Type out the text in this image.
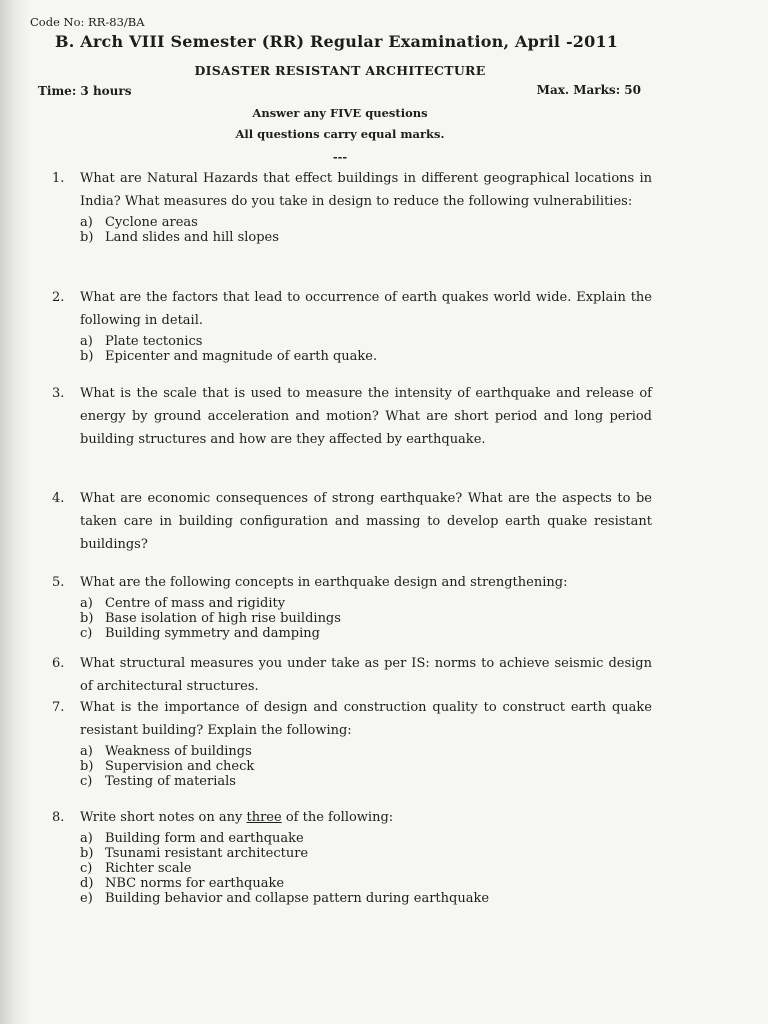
Code No: RR-83/BA
B. Arch VIII Semester (RR) Regular Examination, April -2011
DISASTER RESISTANT ARCHITECTURE
Time: 3 hours	Max. Marks: 50
Answer any FIVE questions
All questions carry equal marks.
---
1.	What are Natural Hazards that effect buildings in different geographical locations in India? What measures do you take in design to reduce the following vulnerabilities:
a) Cyclone areas
b) Land slides and hill slopes
2.	What are the factors that lead to occurrence of earth quakes world wide. Explain the following in detail.
a) Plate tectonics
b) Epicenter and magnitude of earth quake.
3.	What is the scale that is used to measure the intensity of earthquake and release of energy by ground acceleration and motion? What are short period and long period building structures and how are they affected by earthquake.
4.	What are economic consequences of strong earthquake? What are the aspects to be taken care in building configuration and massing to develop earth quake resistant buildings?
5.	What are the following concepts in earthquake design and strengthening:
a) Centre of mass and rigidity
b) Base isolation of high rise buildings
c) Building symmetry and damping
6.	What structural measures you under take as per IS: norms to achieve seismic design of architectural structures.
7.	What is the importance of design and construction quality to construct earth quake resistant building? Explain the following:
a) Weakness of buildings
b) Supervision and check
c) Testing of materials
8.	Write short notes on any three of the following:
a) Building form and earthquake
b) Tsunami resistant architecture
c) Richter scale
d) NBC norms for earthquake
e) Building behavior and collapse pattern during earthquake
